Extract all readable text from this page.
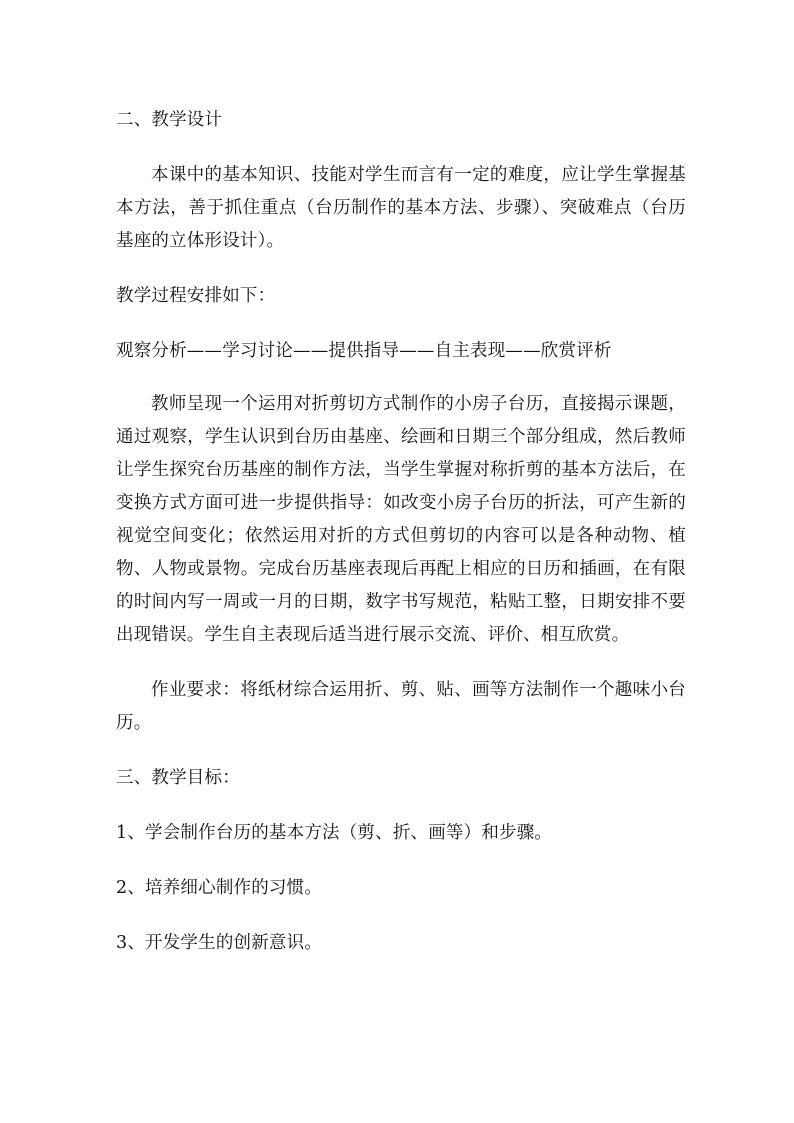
二、教学设计

本课中的基本知识、技能对学生而言有一定的难度，应让学生掌握基本方法，善于抓住重点（台历制作的基本方法、步骤）、突破难点（台历基座的立体形设计）。

教学过程安排如下：

观察分析——学习讨论——提供指导——自主表现——欣赏评析

教师呈现一个运用对折剪切方式制作的小房子台历，直接揭示课题，通过观察，学生认识到台历由基座、绘画和日期三个部分组成，然后教师让学生探究台历基座的制作方法，当学生掌握对称折剪的基本方法后，在变换方式方面可进一步提供指导：如改变小房子台历的折法，可产生新的视觉空间变化；依然运用对折的方式但剪切的内容可以是各种动物、植物、人物或景物。完成台历基座表现后再配上相应的日历和插画，在有限的时间内写一周或一月的日期，数字书写规范，粘贴工整，日期安排不要出现错误。学生自主表现后适当进行展示交流、评价、相互欣赏。

作业要求：将纸材综合运用折、剪、贴、画等方法制作一个趣味小台历。

三、教学目标：

1、学会制作台历的基本方法（剪、折、画等）和步骤。

2、培养细心制作的习惯。

3、开发学生的创新意识。
